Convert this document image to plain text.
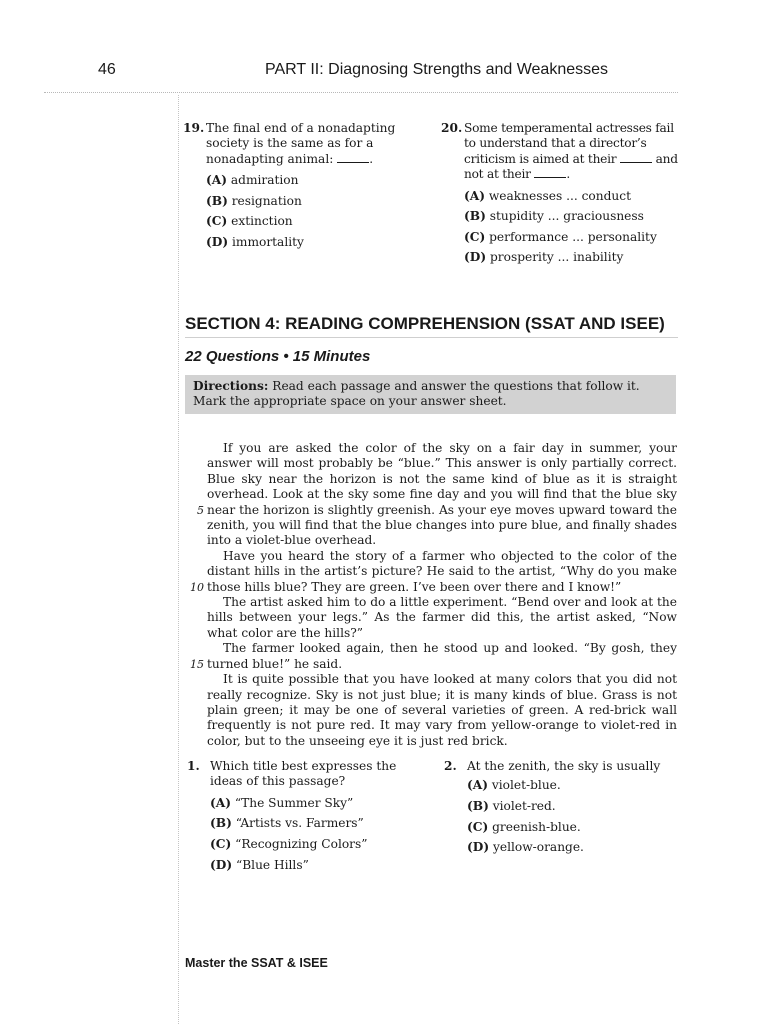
46	PART II: Diagnosing Strengths and Weaknesses
19. The final end of a nonadapting society is the same as for a nonadapting animal:	.
(A) admiration
(B) resignation
(C) extinction
(D) immortality
20. Some temperamental actresses fail to understand that a director’s criticism is aimed at their	and not at their	.
(A) weaknesses ... conduct
(B) stupidity ... graciousness
(C) performance ... personality
(D) prosperity ... inability
SECTION 4: READING COMPREHENSION (SSAT AND ISEE)
22 Questions • 15 Minutes
Directions: Read each passage and answer the questions that follow it. Mark the appropriate space on your answer sheet.
5
10
15

If you are asked the color of the sky on a fair day in summer, your answer will most probably be “blue.” This answer is only partially correct. Blue sky near the horizon is not the same kind of blue as it is straight overhead. Look at the sky some fine day and you will find that the blue sky near the horizon is slightly greenish. As your eye moves upward toward the zenith, you will find that the blue changes into pure blue, and finally shades into a violet-blue overhead.

Have you heard the story of a farmer who objected to the color of the distant hills in the artist’s picture? He said to the artist, “Why do you make those hills blue? They are green. I’ve been over there and I know!”

The artist asked him to do a little experiment. “Bend over and look at the hills between your legs.” As the farmer did this, the artist asked, “Now what color are the hills?”

The farmer looked again, then he stood up and looked. “By gosh, they turned blue!” he said.

It is quite possible that you have looked at many colors that you did not really recognize. Sky is not just blue; it is many kinds of blue. Grass is not plain green; it may be one of several varieties of green. A red-brick wall frequently is not pure red. It may vary from yellow-orange to violet-red in color, but to the unseeing eye it is just red brick.

1. Which title best expresses the ideas of this passage?
(A) “The Summer Sky”
(B) “Artists vs. Farmers”
(C) “Recognizing Colors”
(D) “Blue Hills”
2. At the zenith, the sky is usually
(A) violet-blue.
(B) violet-red.
(C) greenish-blue.
(D) yellow-orange.
Master the SSAT & ISEE
